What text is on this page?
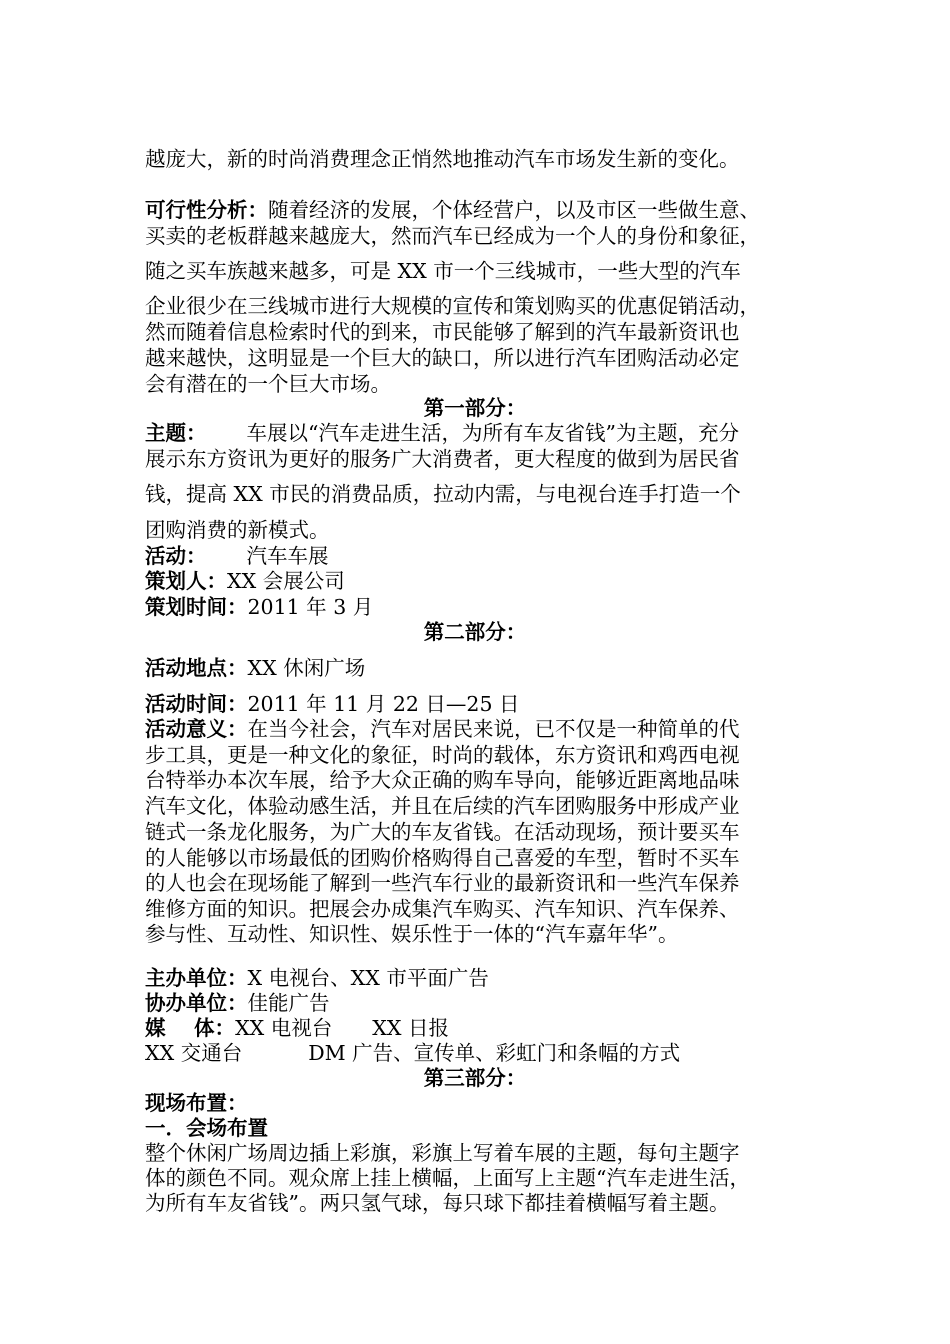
越庞大，新的时尚消费理念正悄然地推动汽车市场发生新的变化。
可行性分析：随着经济的发展，个体经营户，以及市区一些做生意、
买卖的老板群越来越庞大，然而汽车已经成为一个人的身份和象征，
随之买车族越来越多，可是 XX 市一个三线城市，一些大型的汽车
企业很少在三线城市进行大规模的宣传和策划购买的优惠促销活动，
然而随着信息检索时代的到来，市民能够了解到的汽车最新资讯也
越来越快，这明显是一个巨大的缺口，所以进行汽车团购活动必定
会有潜在的一个巨大市场。
第一部分：
主题： 车展以“汽车走进生活，为所有车友省钱”为主题，充分
展示东方资讯为更好的服务广大消费者，更大程度的做到为居民省
钱，提高 XX 市民的消费品质，拉动内需，与电视台连手打造一个
团购消费的新模式。
活动： 汽车车展
策划人：XX 会展公司
策划时间：2011 年 3 月
第二部分：
活动地点：XX 休闲广场
活动时间：2011 年 11 月 22 日—25 日
活动意义：在当今社会，汽车对居民来说，已不仅是一种简单的代
步工具，更是一种文化的象征，时尚的载体，东方资讯和鸡西电视
台特举办本次车展，给予大众正确的购车导向，能够近距离地品味
汽车文化，体验动感生活，并且在后续的汽车团购服务中形成产业
链式一条龙化服务，为广大的车友省钱。在活动现场，预计要买车
的人能够以市场最低的团购价格购得自己喜爱的车型，暂时不买车
的人也会在现场能了解到一些汽车行业的最新资讯和一些汽车保养
维修方面的知识。把展会办成集汽车购买、汽车知识、汽车保养、
参与性、互动性、知识性、娱乐性于一体的“汽车嘉年华”。
主办单位：X 电视台、XX 市平面广告
协办单位：佳能广告
媒    体：XX 电视台 XX 日报
XX 交通台	DM 广告、宣传单、彩虹门和条幅的方式
第三部分：
现场布置：
一．会场布置
整个休闲广场周边插上彩旗，彩旗上写着车展的主题，每句主题字
体的颜色不同。观众席上挂上横幅，上面写上主题“汽车走进生活，
为所有车友省钱”。两只氢气球，每只球下都挂着横幅写着主题。
